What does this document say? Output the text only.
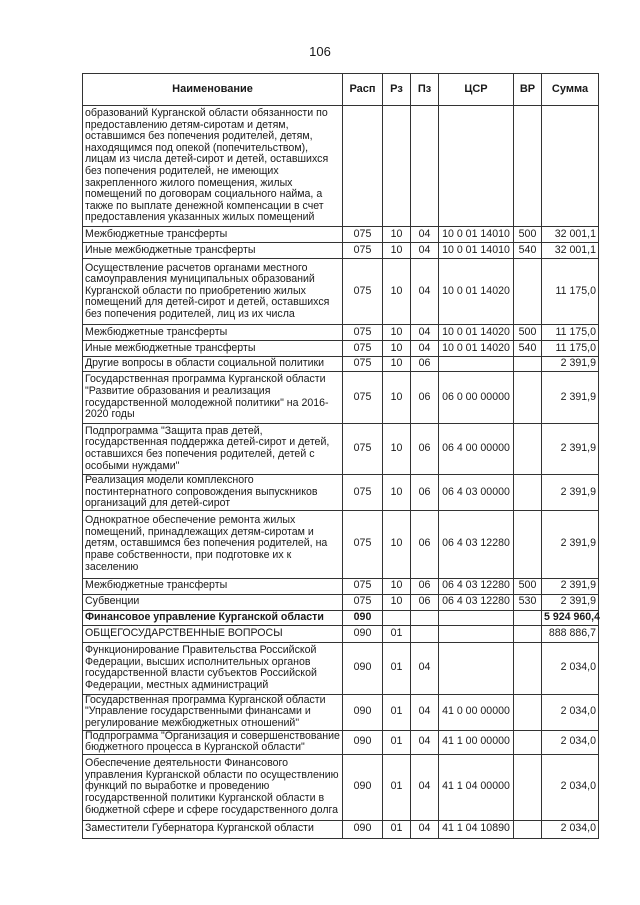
106
Наименование	Расп	Рз	Пз	ЦСР	ВР	Сумма
образований Курганской области обязанности по предоставлению детям-сиротам и детям, оставшимся без попечения родителей, детям, находящимся под опекой (попечительством), лицам из числа детей-сирот и детей, оставшихся без попечения родителей, не имеющих закрепленного жилого помещения, жилых помещений по договорам социального найма, а также по выплате денежной компенсации в счет предоставления указанных жилых помещений						
Межбюджетные трансферты	075	10	04	10 0 01 14010	500	32 001,1
Иные межбюджетные трансферты	075	10	04	10 0 01 14010	540	32 001,1
Осуществление расчетов органами местного самоуправления муниципальных образований Курганской области по приобретению жилых помещений для детей-сирот и детей, оставшихся без попечения родителей, лиц из их числа	075	10	04	10 0 01 14020		11 175,0
Межбюджетные трансферты	075	10	04	10 0 01 14020	500	11 175,0
Иные межбюджетные трансферты	075	10	04	10 0 01 14020	540	11 175,0
Другие вопросы в области социальной политики	075	10	06			2 391,9
Государственная программа Курганской области "Развитие образования и реализация государственной молодежной политики" на 2016-2020 годы	075	10	06	06 0 00 00000		2 391,9
Подпрограмма "Защита прав детей, государственная поддержка детей-сирот и детей, оставшихся без попечения родителей, детей с особыми нуждами"	075	10	06	06 4 00 00000		2 391,9
Реализация модели комплексного постинтернатного сопровождения выпускников организаций для детей-сирот	075	10	06	06 4 03 00000		2 391,9
Однократное обеспечение ремонта жилых помещений, принадлежащих детям-сиротам и детям, оставшимся без попечения родителей, на праве собственности, при подготовке их к заселению	075	10	06	06 4 03 12280		2 391,9
Межбюджетные трансферты	075	10	06	06 4 03 12280	500	2 391,9
Субвенции	075	10	06	06 4 03 12280	530	2 391,9
Финансовое управление Курганской области	090					5 924 960,4
ОБЩЕГОСУДАРСТВЕННЫЕ ВОПРОСЫ	090	01				888 886,7
Функционирование Правительства Российской Федерации, высших исполнительных органов государственной власти субъектов Российской Федерации, местных администраций	090	01	04			2 034,0
Государственная программа Курганской области "Управление государственными финансами и регулирование межбюджетных отношений"	090	01	04	41 0 00 00000		2 034,0
Подпрограмма "Организация и совершенствование бюджетного процесса в Курганской области"	090	01	04	41 1 00 00000		2 034,0
Обеспечение деятельности Финансового управления Курганской области по осуществлению функций по выработке и проведению государственной политики Курганской области в бюджетной сфере и сфере государственного долга	090	01	04	41 1 04 00000		2 034,0
Заместители Губернатора Курганской области	090	01	04	41 1 04 10890		2 034,0
